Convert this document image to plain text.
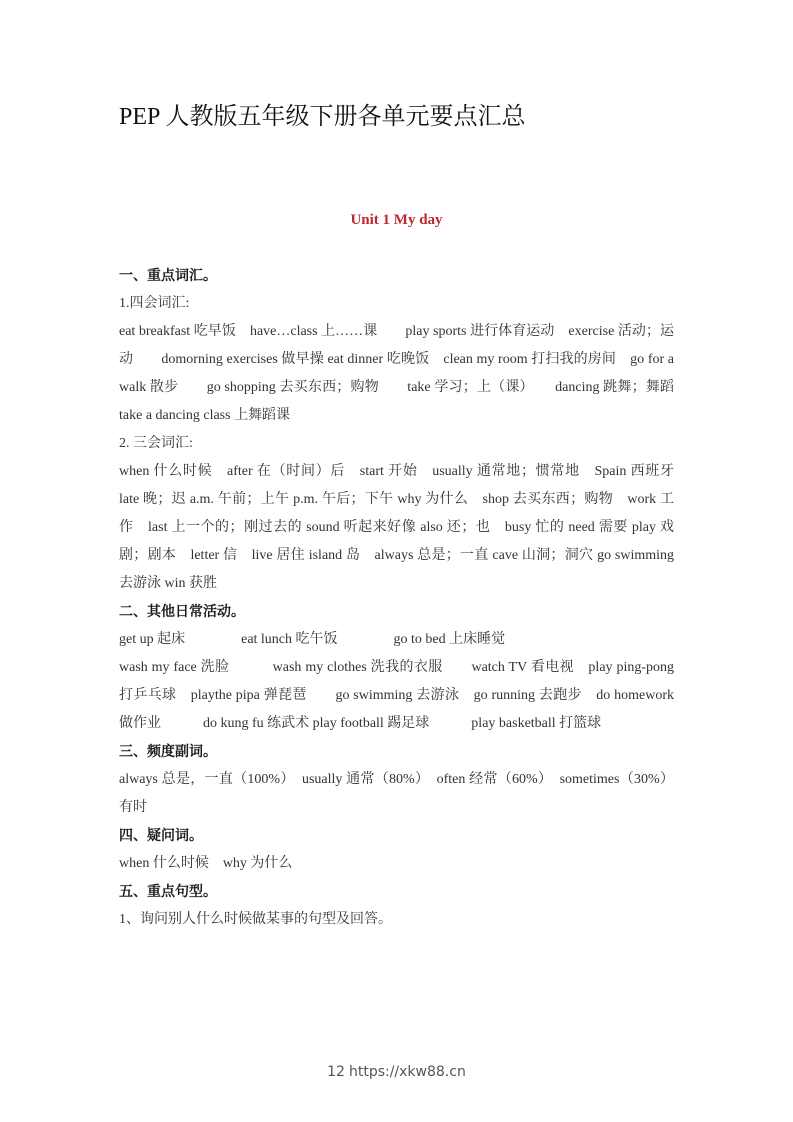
PEP 人教版五年级下册各单元要点汇总
Unit 1 My day

一、重点词汇。

1.四会词汇:

eat breakfast 吃早饭　have…class 上……课　　play sports 进行体育运动　exercise 活动；运动　　domorning exercises 做早操 eat dinner 吃晚饭　clean my room 打扫我的房间　go for a walk 散步　　go shopping 去买东西；购物　　take 学习；上（课）　　dancing 跳舞；舞蹈　　take a dancing class 上舞蹈课

2. 三会词汇:

when 什么时候　after 在（时间）后　start 开始　usually 通常地；惯常地　Spain 西班牙　late 晚；迟 a.m. 午前；上午 p.m. 午后；下午 why 为什么　shop 去买东西；购物　work 工作　last 上一个的；刚过去的 sound 听起来好像 also 还；也　busy 忙的 need 需要 play 戏剧；剧本　letter 信　live 居住 island 岛　always 总是；一直 cave 山洞；洞穴 go swimming 去游泳 win 获胜

二、其他日常活动。

get up 起床　　　　eat lunch 吃午饭　　　　go to bed 上床睡觉

wash my face 洗脸　　　wash my clothes 洗我的衣服　　watch TV 看电视　play ping-pong 打乒乓球　playthe pipa 弹琵琶　　go swimming 去游泳　go running 去跑步　do homework 做作业　　　do kung fu 练武术 play football 踢足球　　　play basketball 打篮球

三、频度副词。

always 总是，一直（100%）　usually 通常（80%）　often 经常（60%）　sometimes（30%）有时

四、疑问词。

when 什么时候　why 为什么

五、重点句型。

1、询问别人什么时候做某事的句型及回答。

12 https://xkw88.cn
